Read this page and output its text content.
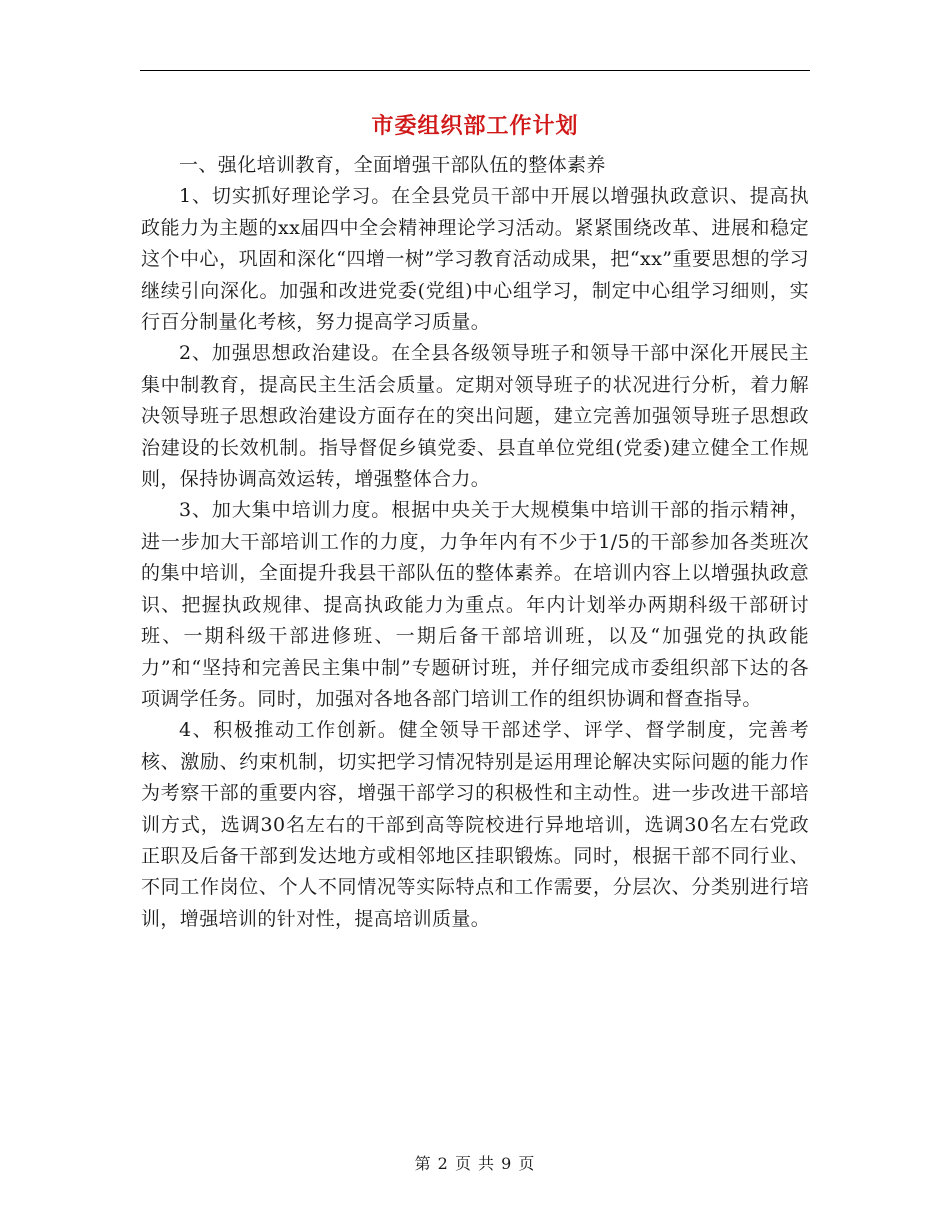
市委组织部工作计划

一、强化培训教育，全面增强干部队伍的整体素养

1、切实抓好理论学习。在全县党员干部中开展以增强执政意识、提高执政能力为主题的xx届四中全会精神理论学习活动。紧紧围绕改革、进展和稳定这个中心，巩固和深化“四增一树”学习教育活动成果，把“xx”重要思想的学习继续引向深化。加强和改进党委(党组)中心组学习，制定中心组学习细则，实行百分制量化考核，努力提高学习质量。

2、加强思想政治建设。在全县各级领导班子和领导干部中深化开展民主集中制教育，提高民主生活会质量。定期对领导班子的状况进行分析，着力解决领导班子思想政治建设方面存在的突出问题，建立完善加强领导班子思想政治建设的长效机制。指导督促乡镇党委、县直单位党组(党委)建立健全工作规则，保持协调高效运转，增强整体合力。

3、加大集中培训力度。根据中央关于大规模集中培训干部的指示精神，进一步加大干部培训工作的力度，力争年内有不少于1/5的干部参加各类班次的集中培训，全面提升我县干部队伍的整体素养。在培训内容上以增强执政意识、把握执政规律、提高执政能力为重点。年内计划举办两期科级干部研讨班、一期科级干部进修班、一期后备干部培训班，以及“加强党的执政能力”和“坚持和完善民主集中制”专题研讨班，并仔细完成市委组织部下达的各项调学任务。同时，加强对各地各部门培训工作的组织协调和督查指导。

4、积极推动工作创新。健全领导干部述学、评学、督学制度，完善考核、激励、约束机制，切实把学习情况特别是运用理论解决实际问题的能力作为考察干部的重要内容，增强干部学习的积极性和主动性。进一步改进干部培训方式，选调30名左右的干部到高等院校进行异地培训，选调30名左右党政正职及后备干部到发达地方或相邻地区挂职锻炼。同时，根据干部不同行业、不同工作岗位、个人不同情况等实际特点和工作需要，分层次、分类别进行培训，增强培训的针对性，提高培训质量。

第 2 页 共 9 页
